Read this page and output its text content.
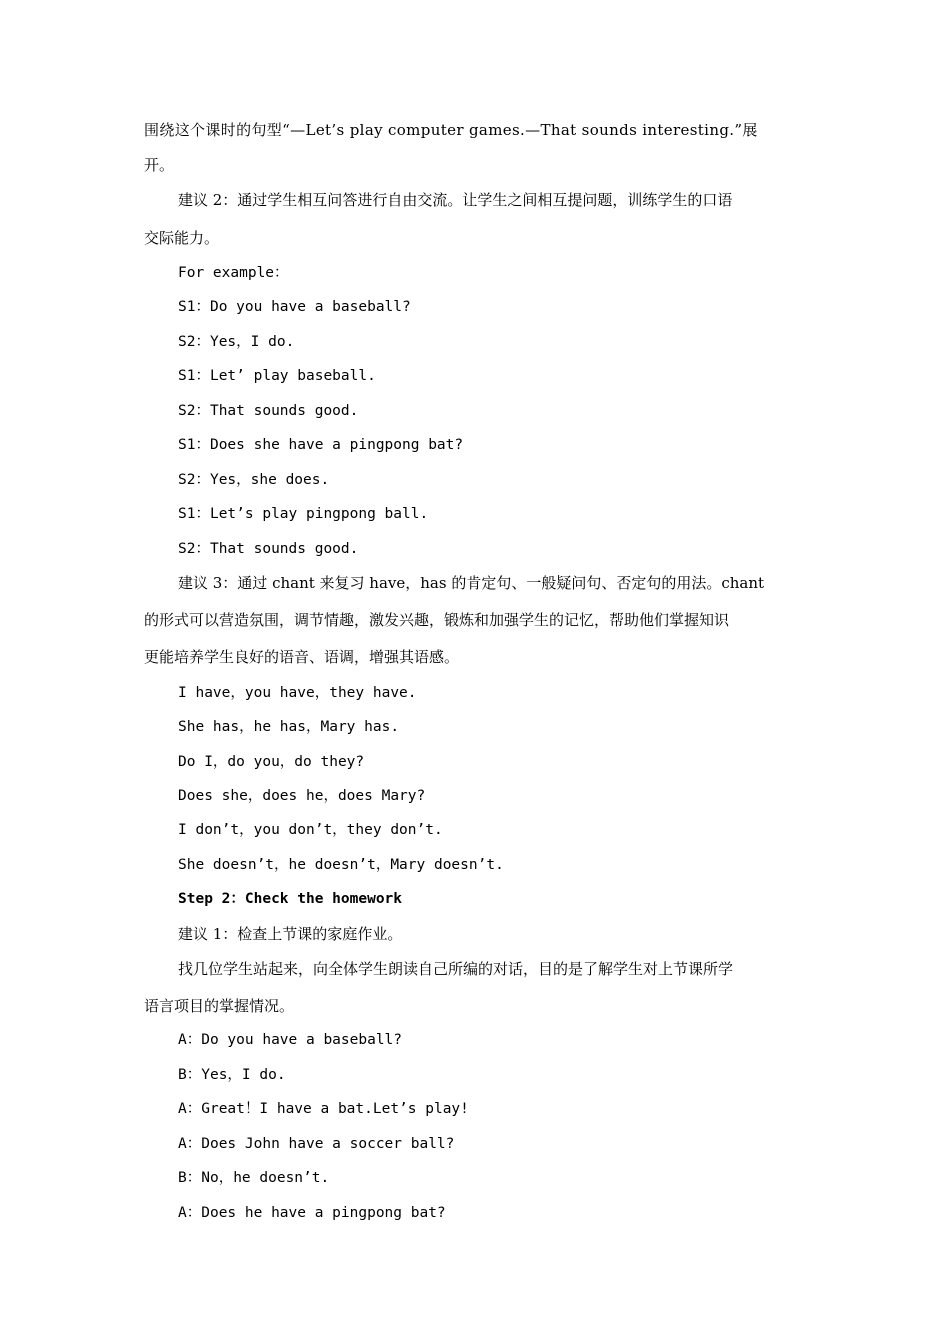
围绕这个课时的句型“—Let’s play computer games.—That sounds interesting.”展
开。
建议 2：通过学生相互问答进行自由交流。让学生之间相互提问题，训练学生的口语
交际能力。
For example：
S1：Do you have a baseball?
S2：Yes，I do.
S1：Let’ play baseball.
S2：That sounds good.
S1：Does she have a pingpong bat?
S2：Yes，she does.
S1：Let’s play pingpong ball.
S2：That sounds good.
建议 3：通过 chant 来复习 have，has 的肯定句、一般疑问句、否定句的用法。chant
的形式可以营造氛围，调节情趣，激发兴趣，锻炼和加强学生的记忆，帮助他们掌握知识
更能培养学生良好的语音、语调，增强其语感。
I have，you have，they have.
She has，he has，Mary has.
Do I，do you，do they?
Does she，does he，does Mary?
I don’t，you don’t，they don’t.
She doesn’t，he doesn’t，Mary doesn’t.
Step 2：Check the homework
建议 1：检查上节课的家庭作业。
找几位学生站起来，向全体学生朗读自己所编的对话，目的是了解学生对上节课所学
语言项目的掌握情况。
A：Do you have a baseball?
B：Yes，I do.
A：Great！I have a bat.Let’s play!
A：Does John have a soccer ball?
B：No，he doesn’t.
A：Does he have a pingpong bat?
